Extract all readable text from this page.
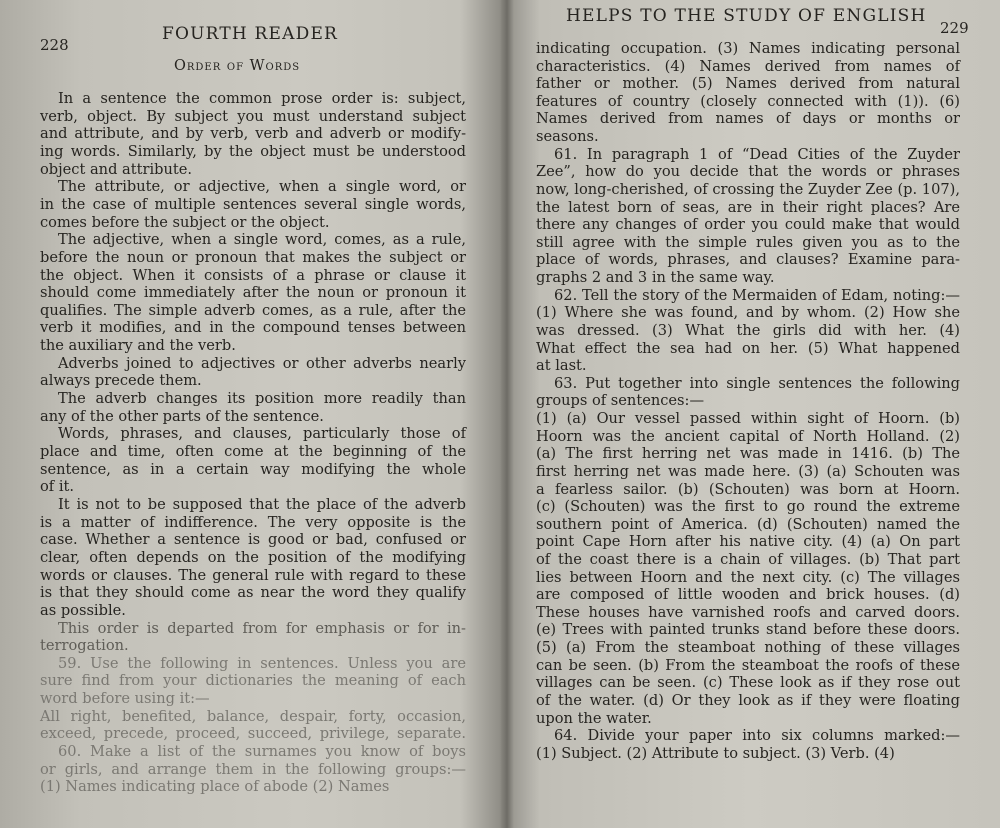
228
FOURTH READER
Order of Words
In a sentence the common prose order is: subject,
verb, object. By subject you must understand subject
and attribute, and by verb, verb and adverb or modify-
ing words. Similarly, by the object must be understood
object and attribute.
The attribute, or adjective, when a single word, or
in the case of multiple sentences several single words,
comes before the subject or the object.
The adjective, when a single word, comes, as a rule,
before the noun or pronoun that makes the subject or
the object. When it consists of a phrase or clause it
should come immediately after the noun or pronoun it
qualifies. The simple adverb comes, as a rule, after the
verb it modifies, and in the compound tenses between
the auxiliary and the verb.
Adverbs joined to adjectives or other adverbs nearly
always precede them.
The adverb changes its position more readily than
any of the other parts of the sentence.
Words, phrases, and clauses, particularly those of
place and time, often come at the beginning of the
sentence, as in a certain way modifying the whole
of it.
It is not to be supposed that the place of the adverb
is a matter of indifference. The very opposite is the
case. Whether a sentence is good or bad, confused or
clear, often depends on the position of the modifying
words or clauses. The general rule with regard to these
is that they should come as near the word they qualify
as possible.
This order is departed from for emphasis or for in-
terrogation.
59. Use the following in sentences. Unless you are
sure find from your dictionaries the meaning of each
word before using it:—
All right, benefited, balance, despair, forty, occasion,
exceed, precede, proceed, succeed, privilege, separate.
60. Make a list of the surnames you know of boys
or girls, and arrange them in the following groups:—
(1) Names indicating place of abode (2) Names
HELPS TO THE STUDY OF ENGLISH
229
indicating occupation. (3) Names indicating personal
characteristics. (4) Names derived from names of
father or mother. (5) Names derived from natural
features of country (closely connected with (1)). (6)
Names derived from names of days or months or
seasons.
61. In paragraph 1 of “Dead Cities of the Zuyder
Zee”, how do you decide that the words or phrases
now, long-cherished, of crossing the Zuyder Zee (p. 107),
the latest born of seas, are in their right places? Are
there any changes of order you could make that would
still agree with the simple rules given you as to the
place of words, phrases, and clauses? Examine para-
graphs 2 and 3 in the same way.
62. Tell the story of the Mermaiden of Edam, noting:—
(1) Where she was found, and by whom. (2) How she
was dressed. (3) What the girls did with her. (4)
What effect the sea had on her. (5) What happened
at last.
63. Put together into single sentences the following
groups of sentences:—
(1) (a) Our vessel passed within sight of Hoorn. (b)
Hoorn was the ancient capital of North Holland. (2)
(a) The first herring net was made in 1416. (b) The
first herring net was made here. (3) (a) Schouten was
a fearless sailor. (b) (Schouten) was born at Hoorn.
(c) (Schouten) was the first to go round the extreme
southern point of America. (d) (Schouten) named the
point Cape Horn after his native city. (4) (a) On part
of the coast there is a chain of villages. (b) That part
lies between Hoorn and the next city. (c) The villages
are composed of little wooden and brick houses. (d)
These houses have varnished roofs and carved doors.
(e) Trees with painted trunks stand before these doors.
(5) (a) From the steamboat nothing of these villages
can be seen. (b) From the steamboat the roofs of these
villages can be seen. (c) These look as if they rose out
of the water. (d) Or they look as if they were floating
upon the water.
64. Divide your paper into six columns marked:—
(1) Subject. (2) Attribute to subject. (3) Verb. (4)
